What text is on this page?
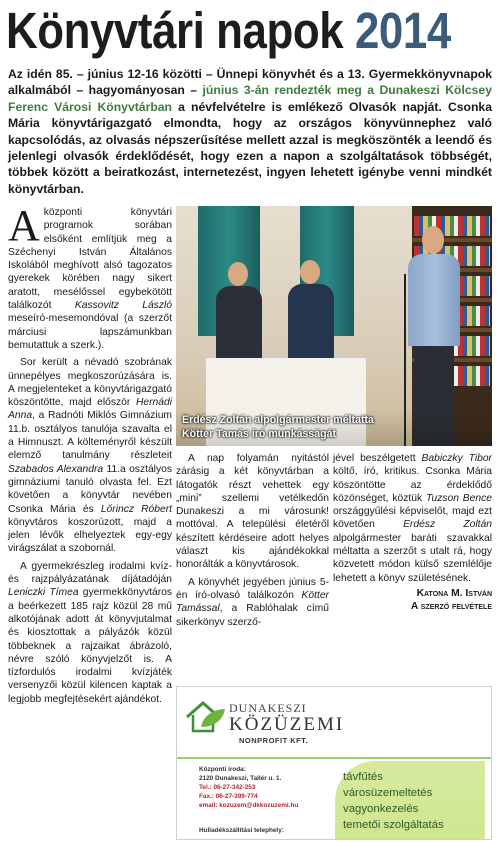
Könyvtári napok 2014
Az idén 85. – június 12-16 közötti – Ünnepi könyvhét és a 13. Gyermekkönyvnapok alkalmából – hagyományosan – június 3-án rendezték meg a Dunakeszi Kölcsey Ferenc Városi Könyvtárban a névfelvételre is emlékező Olvasók napját. Csonka Mária könyvtárigazgató elmondta, hogy az országos könyvünnephez való kapcsolódás, az olvasás népszerűsítése mellett azzal is megköszönték a leendő és jelenlegi olvasók érdeklődését, hogy ezen a napon a szolgáltatások többségét, többek között a beiratkozást, internetezést, ingyen lehetett igénybe venni mindkét könyvtárban.

A központi könyvtári programok sorában elsőként említjük meg a Széchenyi István Általános Iskolából meghívott alsó tagozatos gyerekek körében nagy sikert aratott, mesélőssel egybekötött találkozót Kassovitz László meseíró-mesemondóval (a szerzőt márciusi lapszámunkban bemutattuk a szerk.).

Sor került a névadó szobrának ünnepélyes megkoszorúzására is. A megjelenteket a könyvtárigazgató köszöntötte, majd először Hernádi Anna, a Radnóti Miklós Gimnázium 11.b. osztályos tanulója szavalta el a Himnuszt. A költeményről készült elemző tanulmány részleteit Szabados Alexandra 11.a osztályos gimnáziumi tanuló olvasta fel. Ezt követően a könyvtár nevében Csonka Mária és Lőrincz Róbert könyvtáros koszorúzott, majd a jelen lévők elhelyeztek egy-egy virágszálat a szobornál.

A gyermekrészleg irodalmi kvíz- és rajzpályázatának díjátadóján Leniczki Tímea gyermekkönyvtáros a beérkezett 185 rajz közül 28 mű alkotójának adott át könyvjutalmat és kiosztottak a pályázók közül többeknek a rajzaikat ábrázoló, névre szóló könyvjelzőt is. A tízfordulós irodalmi kvízjáték versenyzői közül kilencen kaptak a legjobb megfejtésekért ajándékot.

Erdész Zoltán alpolgármester méltatta
Kötter Tamás író munkásságát

A nap folyamán nyitástól zárásig a két könyvtárban a látogatók részt vehettek egy „mini” szellemi vetélkedőn Dunakeszi a mi városunk! mottóval. A települési életéről készített kérdéseire adott helyes választ kis ajándékokkal honorálták a könyvtárosok.

A könyvhét jegyében június 5-én író-olvasó találkozón Kötter Tamással, a Rablóhalak című sikerkönyv szerző-

jével beszélgetett Babiczky Tibor költő, író, kritikus. Csonka Mária köszöntötte az érdeklődő közönséget, köztük Tuzson Bence országgyűlési képviselőt, majd ezt követően Erdész Zoltán alpolgármester baráti szavakkal méltatta a szerzőt s utalt rá, hogy közvetett módon külső szemlélője lehetett a könyv születésének.

Katona M. István
A szerző felvétele
DUNAKESZI
KÖZÜZEMI
NONPROFIT KFT.
Központi iroda:
2120 Dunakeszi, Tallér u. 1.
Tel.: 06-27-342-253
Fax.: 06-27-399-774
email: kozuzem@dkkozuzemi.hu
Hulladékszállítási telephely:
távfűtés
városüzemeltetés
vagyonkezelés
temetői szolgáltatás
